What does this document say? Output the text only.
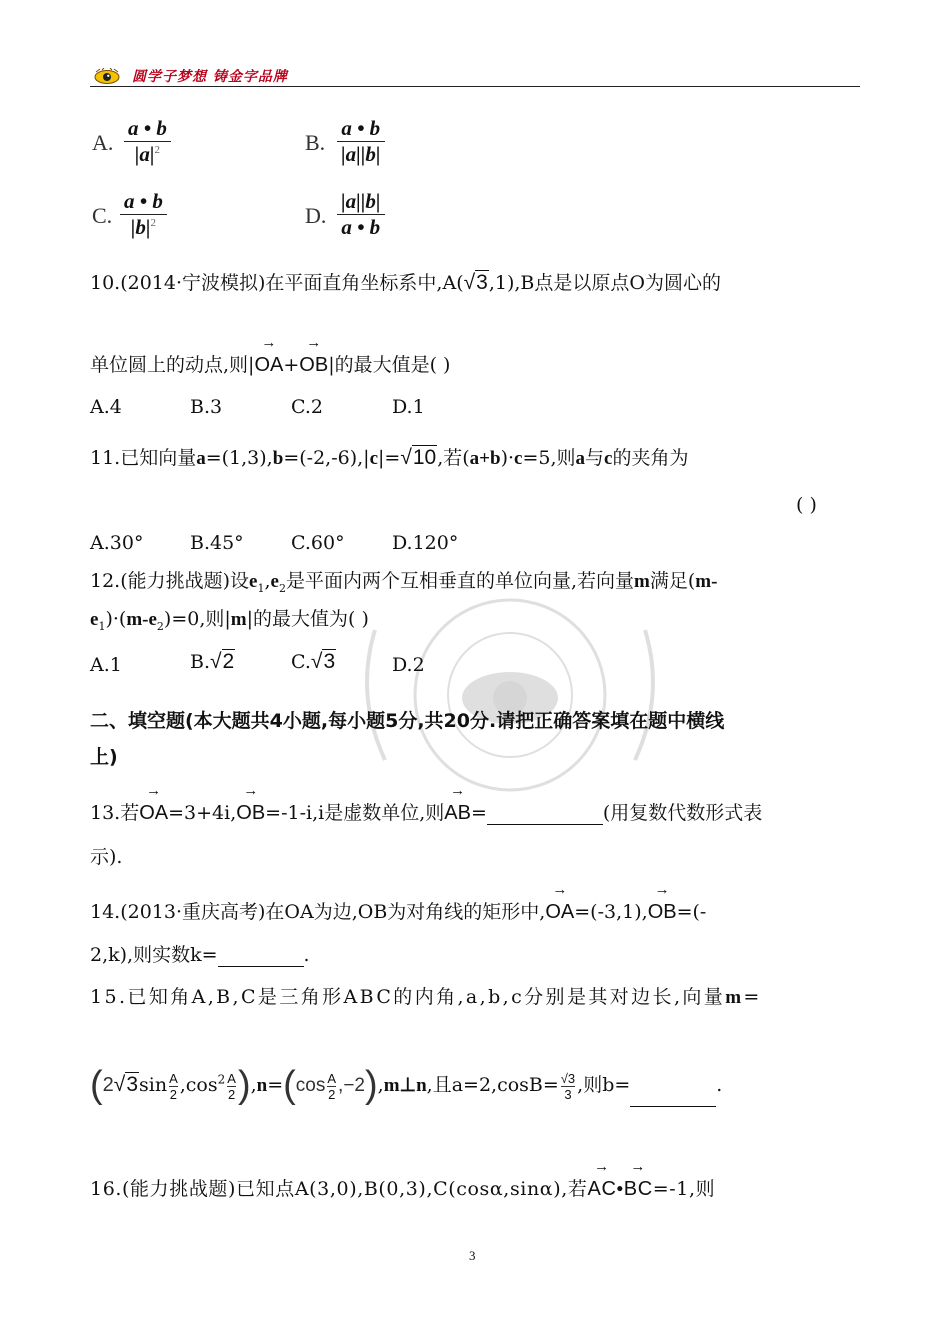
圆学子梦想 铸金字品牌
A. $\frac{a • b}{|a|^2}$	B. $\frac{a • b}{|a||b|}$
C. $\frac{a • b}{|b|^2}$	D. $\frac{|a||b|}{a • b}$
10.(2014·宁波模拟)在平面直角坐标系中,A(√3,1),B点是以原点O为圆心的
单位圆上的动点,则|→ OA+→ OB|的最大值是( )
A.4	B.3	C.2	D.1
11.已知向量a=(1,3),b=(-2,-6),|c|=√10,若(a+b)·c=5,则a与c的夹角为
( )
A.30° B.45° C.60° D.120°
12.(能力挑战题)设$e_1,e_2$是平面内两个互相垂直的单位向量,若向量m满足(m-
$e_1)\cdot(m-e_2)=0$,则|m|的最大值为( )
A.1	B.√2	C.√3	D.2
二、填空题(本大题共4小题,每小题5分,共20分.请把正确答案填在题中横线
上)
13.若→ OA=3+4i,→ OB=-1-i,i是虚数单位,则→ AB=	(用复数代数形式表
示).
14.(2013·重庆高考)在OA为边,OB为对角线的矩形中,→ OA=(-3,1),→ OB=(-
2,k),则实数k=	.
15.已知角A,B,C是三角形ABC的内角,a,b,c分别是其对边长,向量m=
$(2√3\sin \frac{A}{2} ,\cos^2 \frac{A}{2} ),n=(\cos \frac{A}{2}$ ,−2),m⊥n,且$a=2,\cos B= \frac{√3}{3}$ ,则b=	.
16.(能力挑战题)已知点A(3,0),B(0,3),C(cosα,sinα),若→ AC•→ BC=-1,则
3
